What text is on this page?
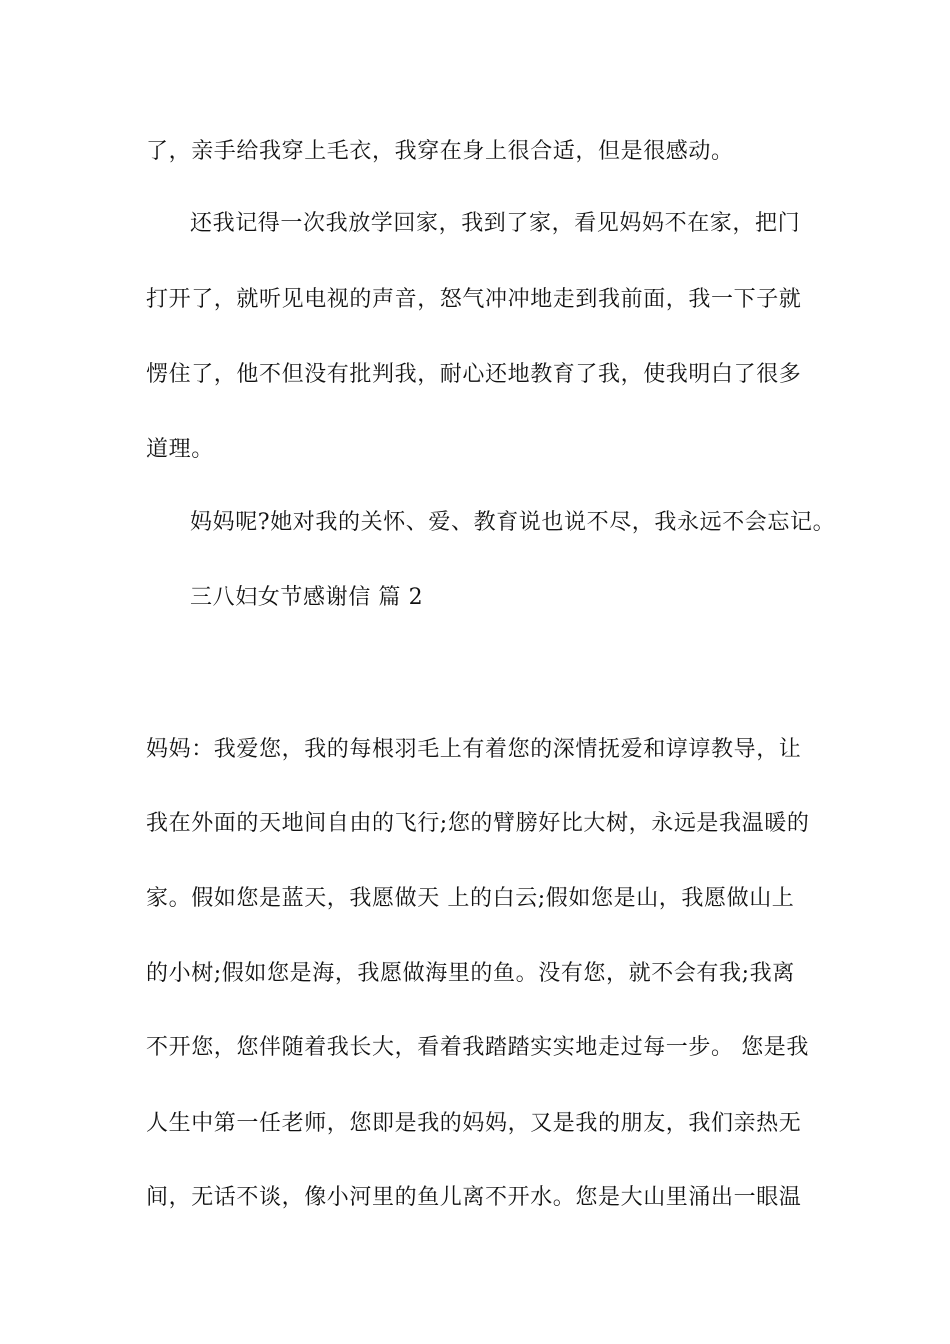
了，亲手给我穿上毛衣，我穿在身上很合适，但是很感动。

还我记得一次我放学回家，我到了家，看见妈妈不在家，把门

打开了，就听见电视的声音，怒气冲冲地走到我前面，我一下子就

愣住了，他不但没有批判我，耐心还地教育了我，使我明白了很多

道理。

妈妈呢?她对我的关怀、爱、教育说也说不尽，我永远不会忘记。

三八妇女节感谢信 篇 2

妈妈：我爱您，我的每根羽毛上有着您的深情抚爱和谆谆教导，让

我在外面的天地间自由的飞行;您的臂膀好比大树，永远是我温暖的

家。假如您是蓝天，我愿做天 上的白云;假如您是山，我愿做山上

的小树;假如您是海，我愿做海里的鱼。没有您，就不会有我;我离

不开您，您伴随着我长大，看着我踏踏实实地走过每一步。 您是我

人生中第一任老师，您即是我的妈妈，又是我的朋友，我们亲热无

间，无话不谈，像小河里的鱼儿离不开水。您是大山里涌出一眼温
